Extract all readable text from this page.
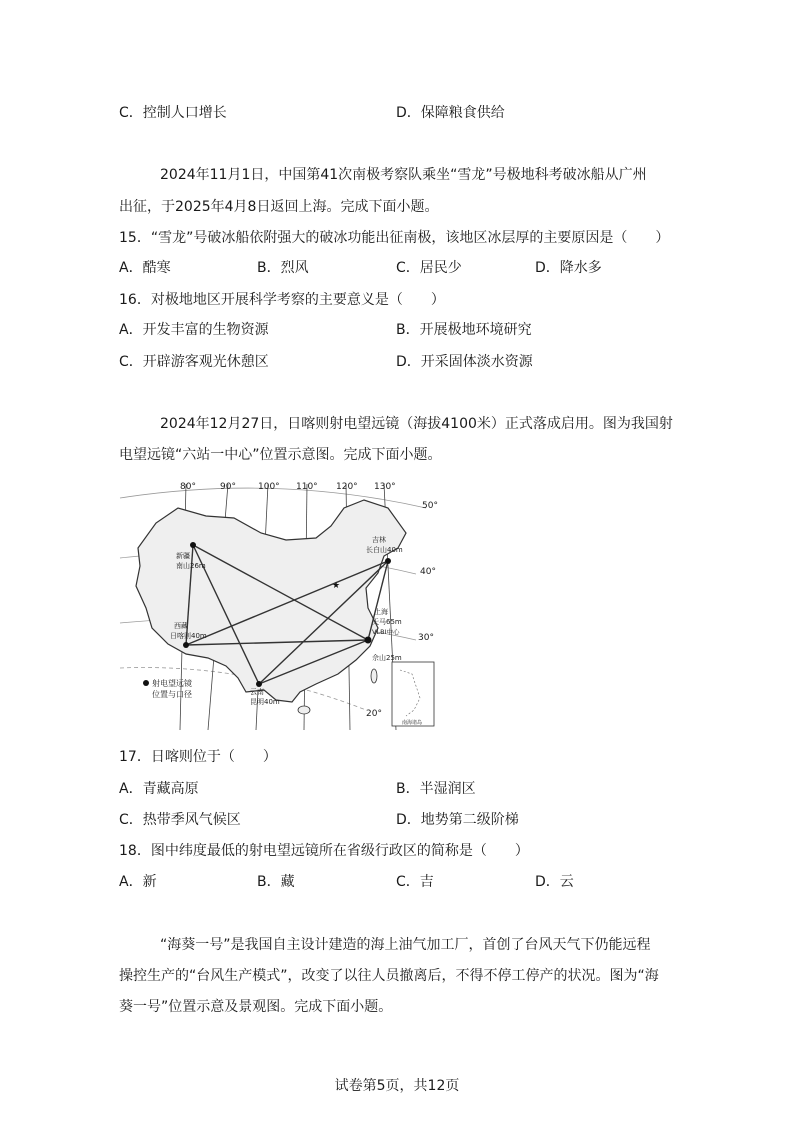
C．控制人口增长	D．保障粮食供给
2024年11月1日，中国第41次南极考察队乘坐“雪龙”号极地科考破冰船从广州
出征，于2025年4月8日返回上海。完成下面小题。
15．“雪龙”号破冰船依附强大的破冰功能出征南极，该地区冰层厚的主要原因是（　　）
A．酷寒	B．烈风	C．居民少	D．降水多
16．对极地地区开展科学考察的主要意义是（　　）
A．开发丰富的生物资源	B．开展极地环境研究
C．开辟游客观光休憩区	D．开采固体淡水资源
2024年12月27日，日喀则射电望远镜（海拔4100米）正式落成启用。图为我国射
电望远镜“六站一中心”位置示意图。完成下面小题。
★
80°	90° 100° 110° 120° 130°
50°
40°
30°
20°
新疆
南山26m
吉林
长白山40m
西藏
日喀则40m
上海
天马65m
VLBI中心
佘山25m
云南
昆明40m
射电望远镜
位置与口径
南海诸岛
17．日喀则位于（　　）
A．青藏高原	B．半湿润区
C．热带季风气候区	D．地势第二级阶梯
18．图中纬度最低的射电望远镜所在省级行政区的简称是（　　）
A．新	B．藏	C．吉	D．云
“海葵一号”是我国自主设计建造的海上油气加工厂，首创了台风天气下仍能远程
操控生产的“台风生产模式”，改变了以往人员撤离后，不得不停工停产的状况。图为“海
葵一号”位置示意及景观图。完成下面小题。
试卷第5页，共12页
